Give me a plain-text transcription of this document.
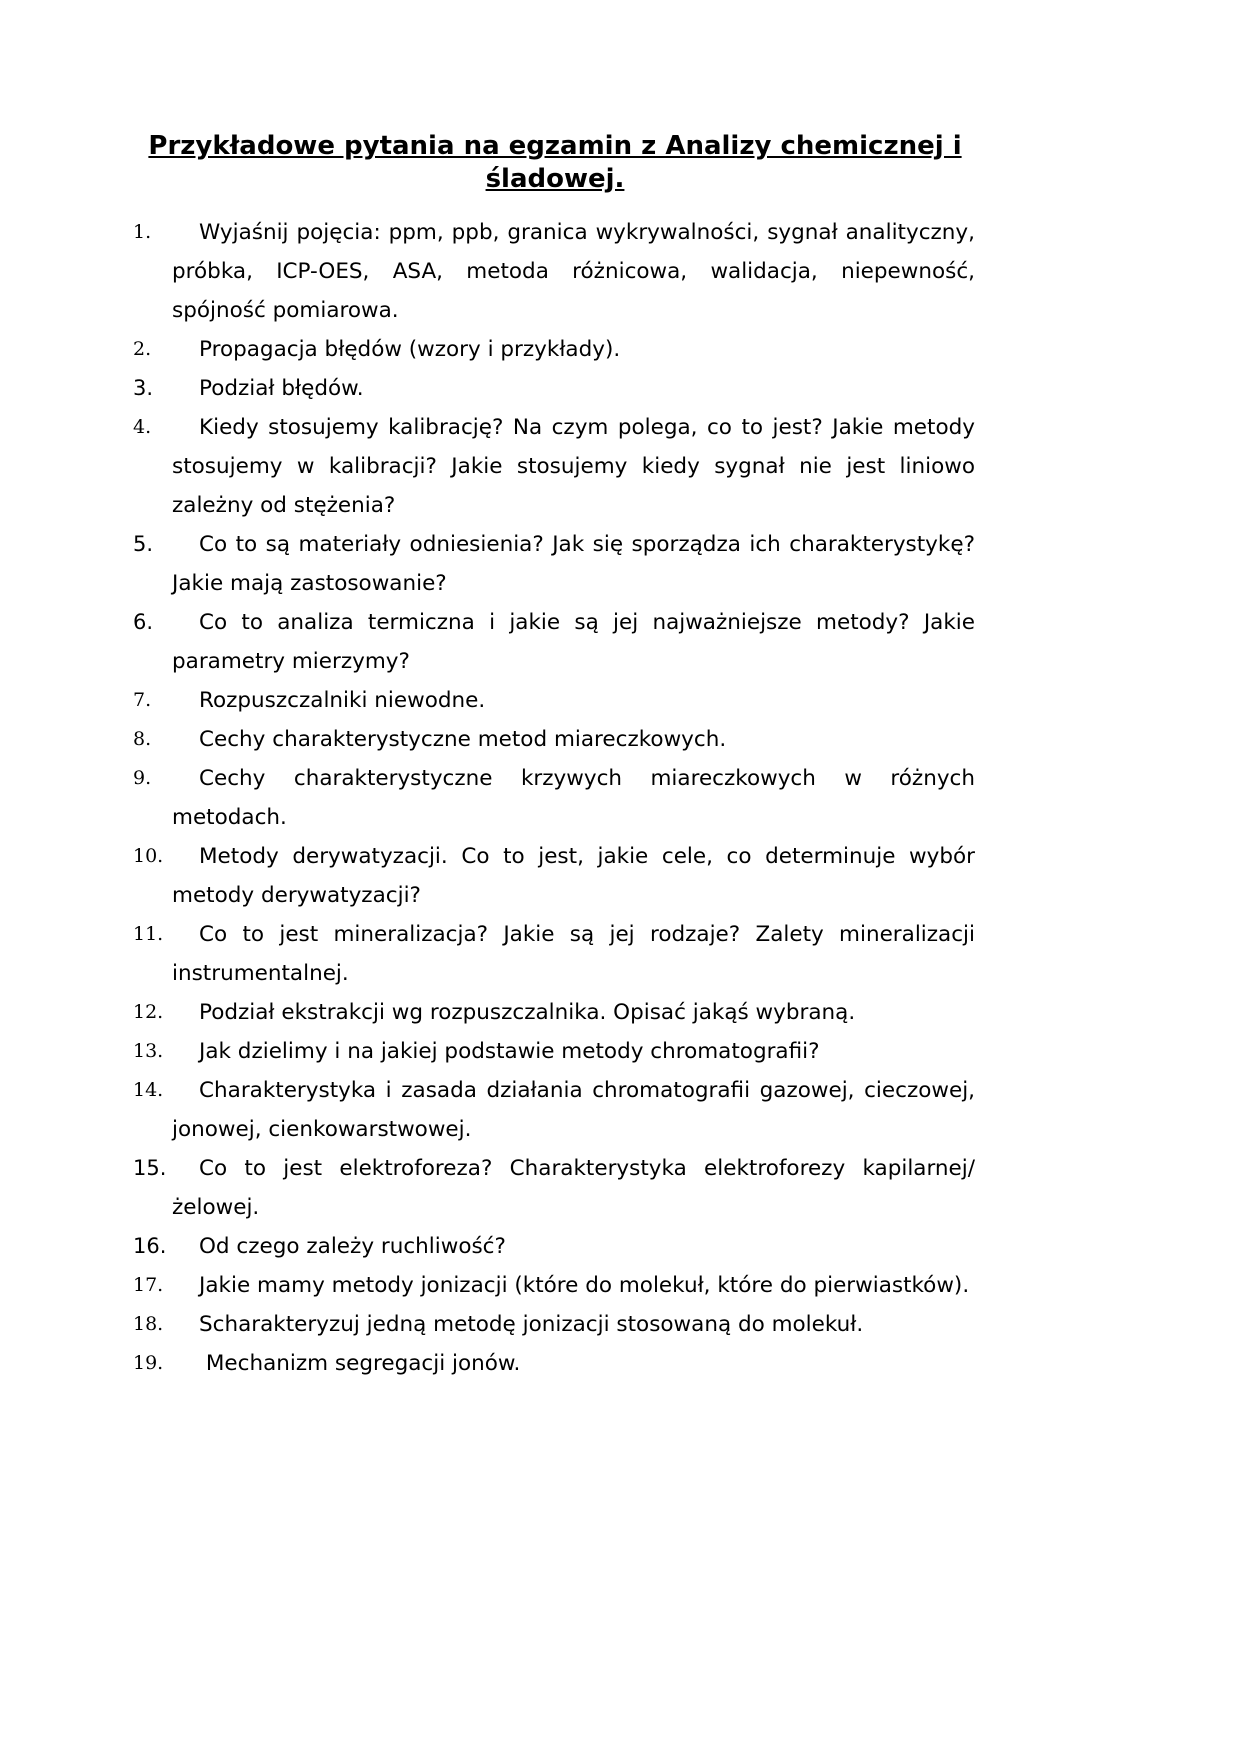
Przykładowe pytania na egzamin z Analizy chemicznej i śladowej.
1.	Wyjaśnij pojęcia: ppm, ppb, granica wykrywalności, sygnał analityczny, próbka, ICP-OES, ASA, metoda różnicowa, walidacja, niepewność, spójność pomiarowa.
2.	Propagacja błędów (wzory i przykłady).
3.	Podział błędów.
4.	Kiedy stosujemy kalibrację? Na czym polega, co to jest? Jakie metody stosujemy w kalibracji? Jakie stosujemy kiedy sygnał nie jest liniowo zależny od stężenia?
5.	Co to są materiały odniesienia? Jak się sporządza ich charakterystykę? Jakie mają zastosowanie?
6.	Co to analiza termiczna i jakie są jej najważniejsze metody? Jakie parametry mierzymy?
7.	Rozpuszczalniki niewodne.
8.	Cechy charakterystyczne metod miareczkowych.
9.	Cechy charakterystyczne krzywych miareczkowych w różnych metodach.
10.	Metody derywatyzacji. Co to jest, jakie cele, co determinuje wybór metody derywatyzacji?
11.	Co to jest mineralizacja? Jakie są jej rodzaje? Zalety mineralizacji instrumentalnej.
12.	Podział ekstrakcji wg rozpuszczalnika. Opisać jakąś wybraną.
13.	Jak dzielimy i na jakiej podstawie metody chromatografii?
14.	Charakterystyka i zasada działania chromatografii gazowej, cieczowej, jonowej, cienkowarstwowej.
15.	Co to jest elektroforeza? Charakterystyka elektroforezy kapilarnej/żelowej.
16.	Od czego zależy ruchliwość?
17.	Jakie mamy metody jonizacji (które do molekuł, które do pierwiastków).
18.	Scharakteryzuj jedną metodę jonizacji stosowaną do molekuł.
19.	Mechanizm segregacji jonów.
